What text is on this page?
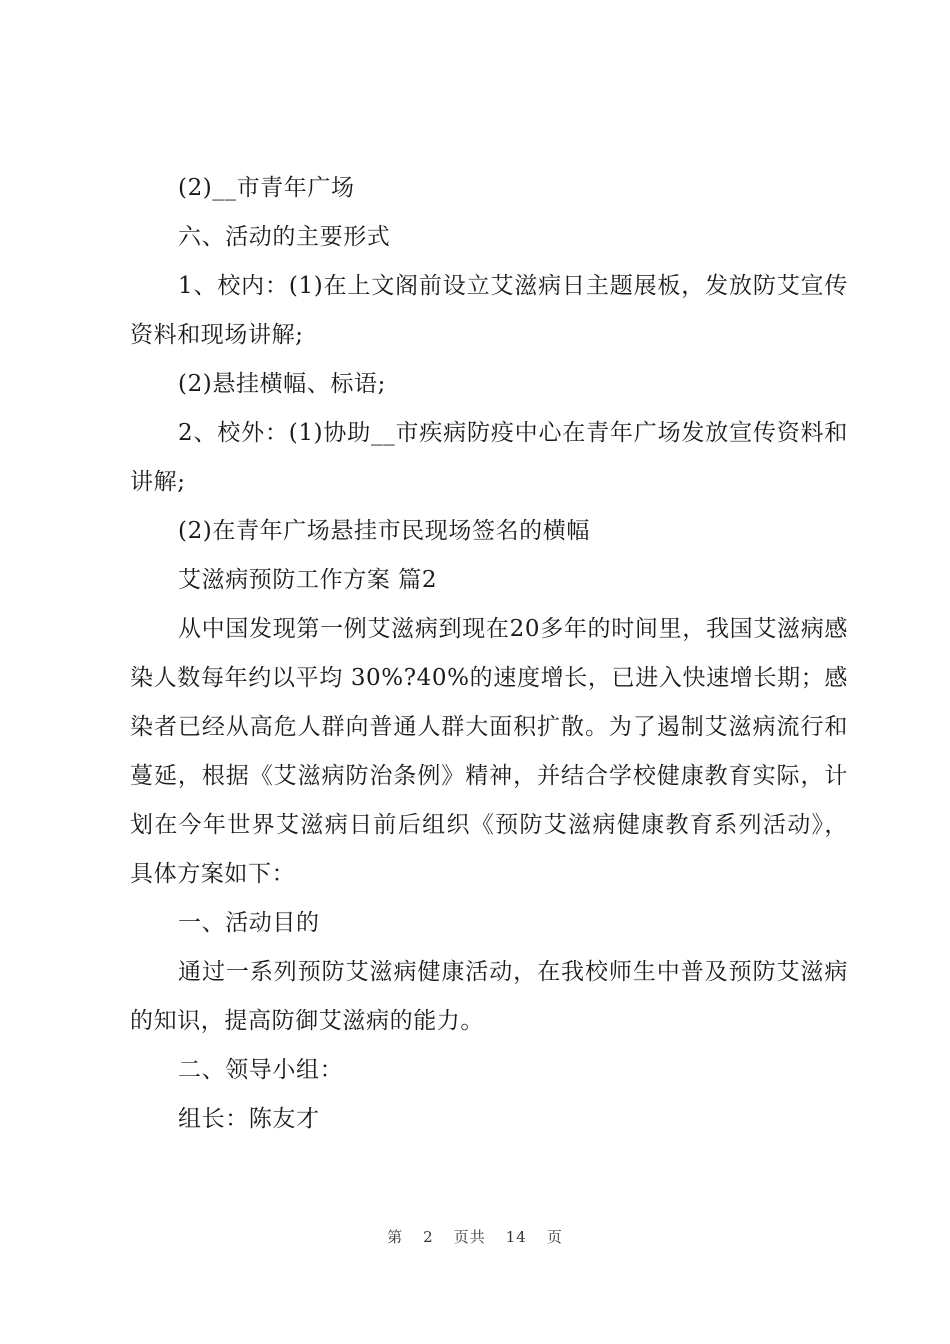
(2)__市青年广场

六、活动的主要形式

1、校内：(1)在上文阁前设立艾滋病日主题展板，发放防艾宣传资料和现场讲解;

(2)悬挂横幅、标语;

2、校外：(1)协助__市疾病防疫中心在青年广场发放宣传资料和讲解;

(2)在青年广场悬挂市民现场签名的横幅

艾滋病预防工作方案 篇2

从中国发现第一例艾滋病到现在20多年的时间里，我国艾滋病感染人数每年约以平均 30%?40%的速度增长，已进入快速增长期；感染者已经从高危人群向普通人群大面积扩散。为了遏制艾滋病流行和蔓延，根据《艾滋病防治条例》精神，并结合学校健康教育实际，计划在今年世界艾滋病日前后组织《预防艾滋病健康教育系列活动》，具体方案如下：

一、活动目的

通过一系列预防艾滋病健康活动，在我校师生中普及预防艾滋病的知识，提高防御艾滋病的能力。

二、领导小组：

组长：陈友才

第 2 页共 14 页
